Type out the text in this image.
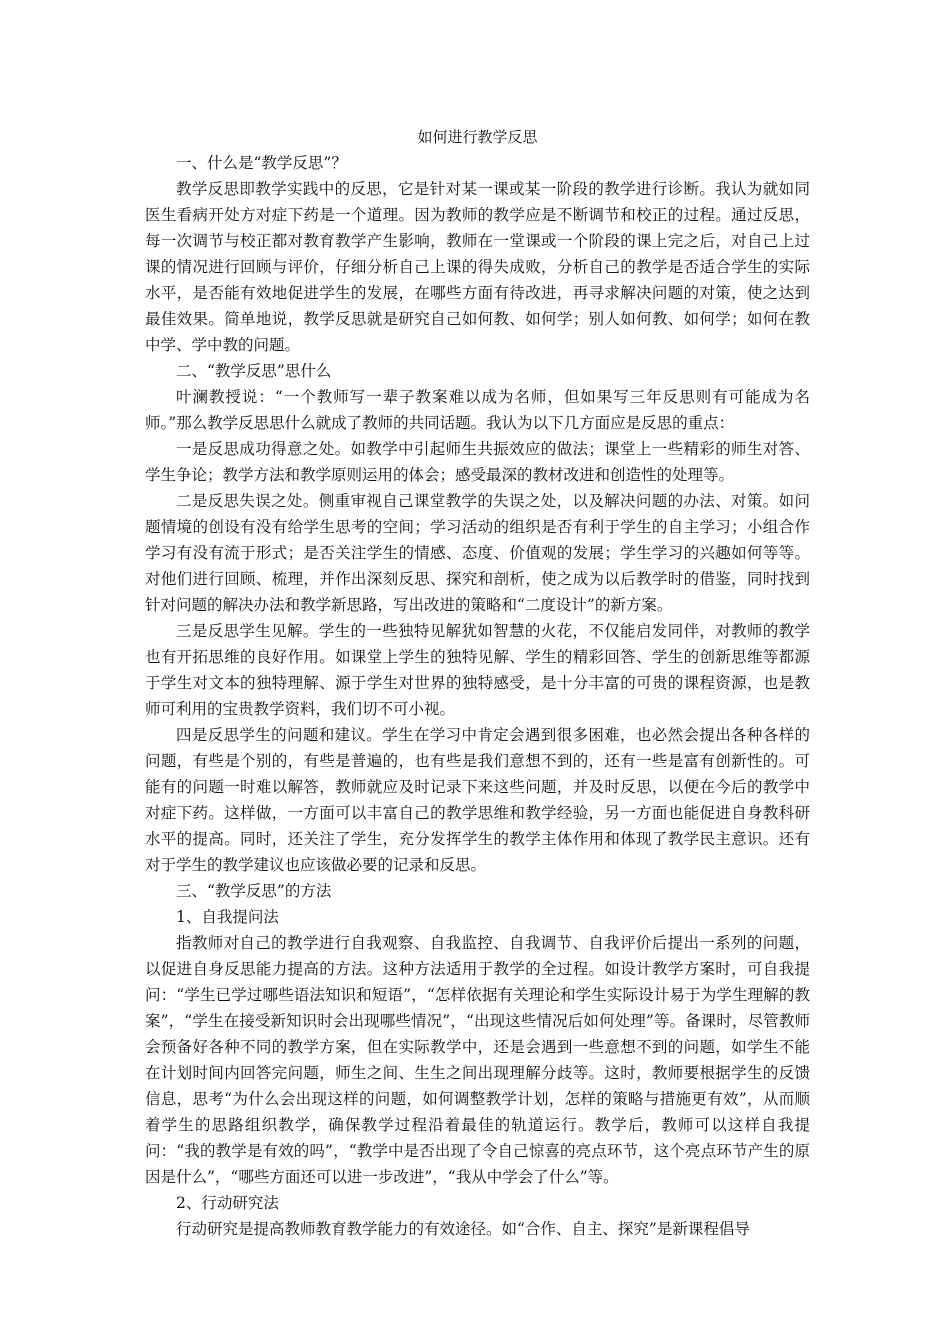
如何进行教学反思

一、什么是“教学反思”？

教学反思即教学实践中的反思，它是针对某一课或某一阶段的教学进行诊断。我认为就如同医生看病开处方对症下药是一个道理。因为教师的教学应是不断调节和校正的过程。通过反思，每一次调节与校正都对教育教学产生影响，教师在一堂课或一个阶段的课上完之后，对自己上过课的情况进行回顾与评价，仔细分析自己上课的得失成败，分析自己的教学是否适合学生的实际水平，是否能有效地促进学生的发展，在哪些方面有待改进，再寻求解决问题的对策，使之达到最佳效果。简单地说，教学反思就是研究自己如何教、如何学；别人如何教、如何学；如何在教中学、学中教的问题。

二、“教学反思”思什么

叶澜教授说：“一个教师写一辈子教案难以成为名师，但如果写三年反思则有可能成为名师。”那么教学反思思什么就成了教师的共同话题。我认为以下几方面应是反思的重点：

一是反思成功得意之处。如教学中引起师生共振效应的做法；课堂上一些精彩的师生对答、学生争论；教学方法和教学原则运用的体会；感受最深的教材改进和创造性的处理等。

二是反思失误之处。侧重审视自己课堂教学的失误之处，以及解决问题的办法、对策。如问题情境的创设有没有给学生思考的空间；学习活动的组织是否有利于学生的自主学习；小组合作学习有没有流于形式；是否关注学生的情感、态度、价值观的发展；学生学习的兴趣如何等等。对他们进行回顾、梳理，并作出深刻反思、探究和剖析，使之成为以后教学时的借鉴，同时找到针对问题的解决办法和教学新思路，写出改进的策略和“二度设计”的新方案。

三是反思学生见解。学生的一些独特见解犹如智慧的火花，不仅能启发同伴，对教师的教学也有开拓思维的良好作用。如课堂上学生的独特见解、学生的精彩回答、学生的创新思维等都源于学生对文本的独特理解、源于学生对世界的独特感受，是十分丰富的可贵的课程资源，也是教师可利用的宝贵教学资料，我们切不可小视。

四是反思学生的问题和建议。学生在学习中肯定会遇到很多困难，也必然会提出各种各样的问题，有些是个别的，有些是普遍的，也有些是我们意想不到的，还有一些是富有创新性的。可能有的问题一时难以解答，教师就应及时记录下来这些问题，并及时反思，以便在今后的教学中对症下药。这样做，一方面可以丰富自己的教学思维和教学经验，另一方面也能促进自身教科研水平的提高。同时，还关注了学生，充分发挥学生的教学主体作用和体现了教学民主意识。还有对于学生的教学建议也应该做必要的记录和反思。

三、“教学反思”的方法

1、自我提问法

指教师对自己的教学进行自我观察、自我监控、自我调节、自我评价后提出一系列的问题，以促进自身反思能力提高的方法。这种方法适用于教学的全过程。如设计教学方案时，可自我提问：“学生已学过哪些语法知识和短语”，“怎样依据有关理论和学生实际设计易于为学生理解的教案”，“学生在接受新知识时会出现哪些情况”，“出现这些情况后如何处理”等。备课时，尽管教师会预备好各种不同的教学方案，但在实际教学中，还是会遇到一些意想不到的问题，如学生不能在计划时间内回答完问题，师生之间、生生之间出现理解分歧等。这时，教师要根据学生的反馈信息，思考“为什么会出现这样的问题，如何调整教学计划，怎样的策略与措施更有效”，从而顺着学生的思路组织教学，确保教学过程沿着最佳的轨道运行。教学后，教师可以这样自我提问：“我的教学是有效的吗”，“教学中是否出现了令自己惊喜的亮点环节，这个亮点环节产生的原因是什么”，“哪些方面还可以进一步改进”，“我从中学会了什么”等。

2、行动研究法

行动研究是提高教师教育教学能力的有效途径。如“合作、自主、探究”是新课程倡导
